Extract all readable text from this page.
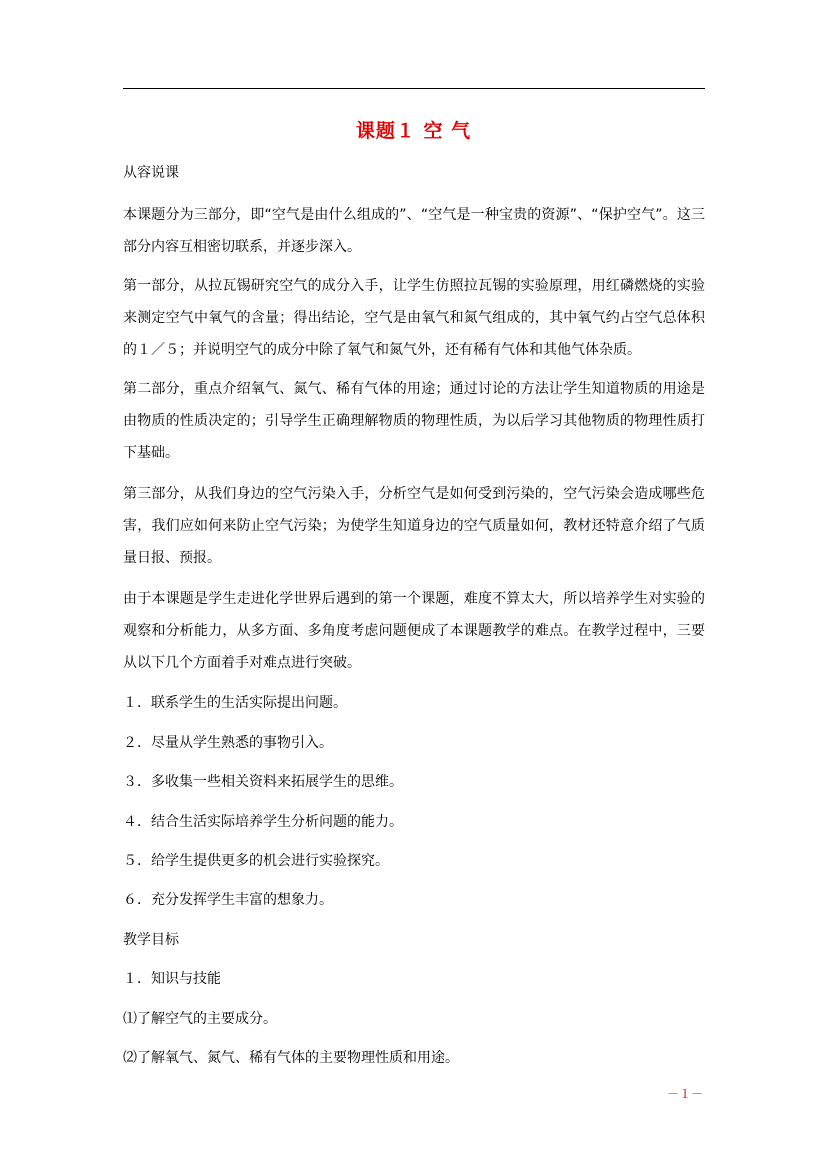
课题１ 空 气

从容说课

本课题分为三部分，即“空气是由什么组成的”、“空气是一种宝贵的资源”、“保护空气”。这三部分内容互相密切联系，并逐步深入。

第一部分，从拉瓦锡研究空气的成分入手，让学生仿照拉瓦锡的实验原理，用红磷燃烧的实验来测定空气中氧气的含量；得出结论，空气是由氧气和氮气组成的，其中氧气约占空气总体积的１／５；并说明空气的成分中除了氧气和氮气外，还有稀有气体和其他气体杂质。

第二部分，重点介绍氧气、氮气、稀有气体的用途；通过讨论的方法让学生知道物质的用途是由物质的性质决定的；引导学生正确理解物质的物理性质，为以后学习其他物质的物理性质打下基础。

第三部分，从我们身边的空气污染入手，分析空气是如何受到污染的，空气污染会造成哪些危害，我们应如何来防止空气污染；为使学生知道身边的空气质量如何，教材还特意介绍了气质量日报、预报。

由于本课题是学生走进化学世界后遇到的第一个课题，难度不算太大，所以培养学生对实验的观察和分析能力，从多方面、多角度考虑问题便成了本课题教学的难点。在教学过程中，三要从以下几个方面着手对难点进行突破。

１．联系学生的生活实际提出问题。

２．尽量从学生熟悉的事物引入。

３．多收集一些相关资料来拓展学生的思维。

４．结合生活实际培养学生分析问题的能力。

５．给学生提供更多的机会进行实验探究。

６．充分发挥学生丰富的想象力。

教学目标

１．知识与技能

⑴了解空气的主要成分。

⑵了解氧气、氮气、稀有气体的主要物理性质和用途。

－１－
